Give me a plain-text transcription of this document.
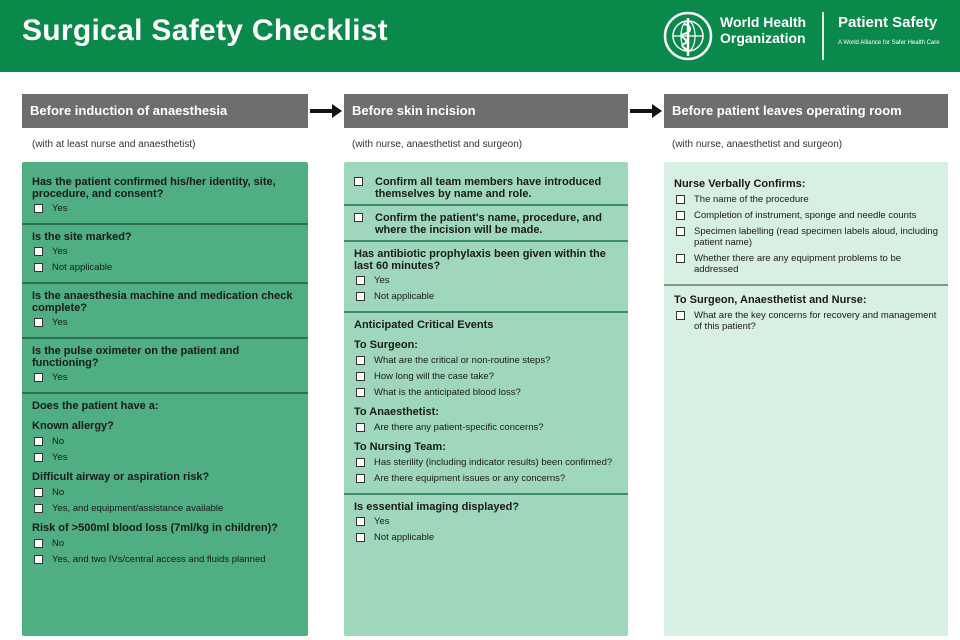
Surgical Safety Checklist	World Health
Organization
Patient Safety
A World Alliance for Safer Health Care
Before induction of anaesthesia	Before skin incision	Before patient leaves operating room
(with at least nurse and anaesthetist)	(with nurse, anaesthetist and surgeon)	(with nurse, anaesthetist and surgeon)
Has the patient confirmed his/her identity, site, procedure, and consent?
Yes
Is the site marked?
Yes
Not applicable
Is the anaesthesia machine and medication check complete?
Yes
Is the pulse oximeter on the patient and functioning?
Yes
Does the patient have a:
Known allergy?
No
Yes
Difficult airway or aspiration risk?
No
Yes, and equipment/assistance available
Risk of >500ml blood loss (7ml/kg in children)?
No
Yes, and two IVs/central access and fluids planned
Confirm all team members have introduced themselves by name and role.
Confirm the patient's name, procedure, and where the incision will be made.
Has antibiotic prophylaxis been given within the last 60 minutes?
Yes
Not applicable
Anticipated Critical Events
To Surgeon:
What are the critical or non-routine steps?
How long will the case take?
What is the anticipated blood loss?
To Anaesthetist:
Are there any patient-specific concerns?
To Nursing Team:
Has sterility (including indicator results) been confirmed?
Are there equipment issues or any concerns?
Is essential imaging displayed?
Yes
Not applicable
Nurse Verbally Confirms:
The name of the procedure
Completion of instrument, sponge and needle counts
Specimen labelling (read specimen labels aloud, including patient name)
Whether there are any equipment problems to be addressed
To Surgeon, Anaesthetist and Nurse:
What are the key concerns for recovery and management of this patient?
